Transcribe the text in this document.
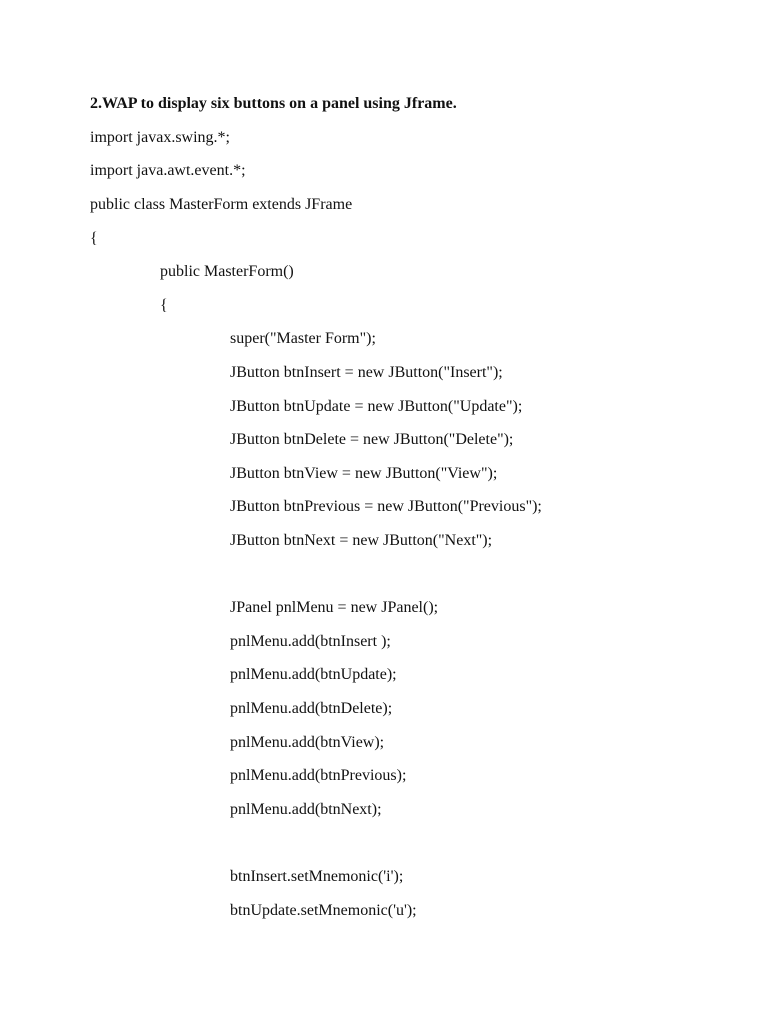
2.WAP to display six buttons on a panel using Jframe.
import javax.swing.*;
import java.awt.event.*;
public class MasterForm extends JFrame
{
public MasterForm()
{
super("Master Form");
JButton btnInsert = new JButton("Insert");
JButton btnUpdate = new JButton("Update");
JButton btnDelete = new JButton("Delete");
JButton btnView = new JButton("View");
JButton btnPrevious = new JButton("Previous");
JButton btnNext = new JButton("Next");
JPanel pnlMenu = new JPanel();
pnlMenu.add(btnInsert );
pnlMenu.add(btnUpdate);
pnlMenu.add(btnDelete);
pnlMenu.add(btnView);
pnlMenu.add(btnPrevious);
pnlMenu.add(btnNext);
btnInsert.setMnemonic('i');
btnUpdate.setMnemonic('u');
